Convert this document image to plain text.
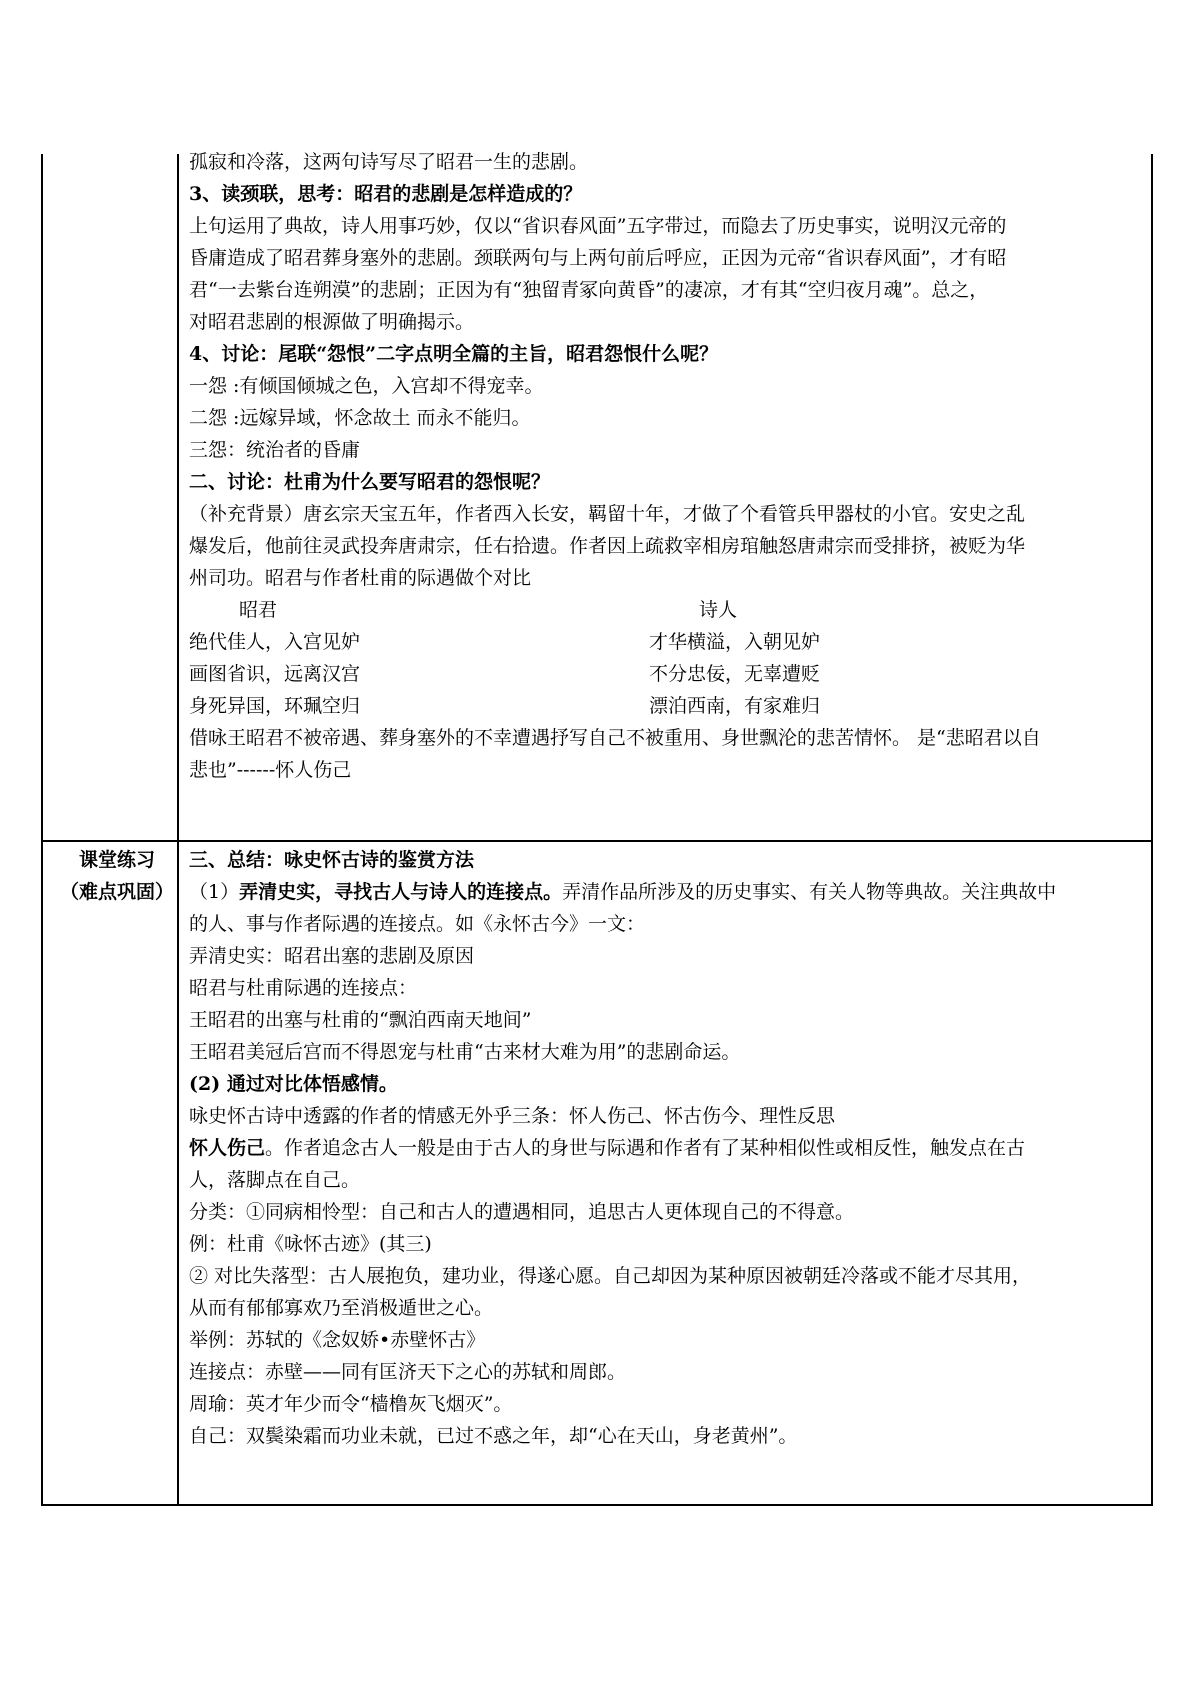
孤寂和冷落，这两句诗写尽了昭君一生的悲剧。
3、读颈联，思考：昭君的悲剧是怎样造成的？
上句运用了典故，诗人用事巧妙，仅以“省识春风面”五字带过，而隐去了历史事实，说明汉元帝的
昏庸造成了昭君葬身塞外的悲剧。颈联两句与上两句前后呼应，正因为元帝“省识春风面”，才有昭
君“一去紫台连朔漠”的悲剧；正因为有“独留青冢向黄昏”的凄凉，才有其“空归夜月魂”。总之，
对昭君悲剧的根源做了明确揭示。
4、讨论：尾联“怨恨”二字点明全篇的主旨，昭君怨恨什么呢？
一怨 :有倾国倾城之色，入宫却不得宠幸。
二怨 :远嫁异域，怀念故土 而永不能归。
三怨：统治者的昏庸
二、讨论：杜甫为什么要写昭君的怨恨呢？
（补充背景）唐玄宗天宝五年，作者西入长安，羁留十年，才做了个看管兵甲器杖的小官。安史之乱
爆发后，他前往灵武投奔唐肃宗，任右拾遗。作者因上疏救宰相房琯触怒唐肃宗而受排挤，被贬为华
州司功。昭君与作者杜甫的际遇做个对比
昭君	诗人
绝代佳人，入宫见妒	才华横溢，入朝见妒
画图省识，远离汉宫	不分忠佞，无辜遭贬
身死异国，环珮空归	漂泊西南，有家难归
借咏王昭君不被帝遇、葬身塞外的不幸遭遇抒写自己不被重用、身世飘沦的悲苦情怀。 是“悲昭君以自
悲也”------怀人伤己
课堂练习
（难点巩固）
三、总结：咏史怀古诗的鉴赏方法
（1）弄清史实，寻找古人与诗人的连接点。弄清作品所涉及的历史事实、有关人物等典故。关注典故中
的人、事与作者际遇的连接点。如《永怀古今》一文：
弄清史实：昭君出塞的悲剧及原因
昭君与杜甫际遇的连接点：
王昭君的出塞与杜甫的“飘泊西南天地间”
王昭君美冠后宫而不得恩宠与杜甫“古来材大难为用”的悲剧命运。
(2) 通过对比体悟感情。
咏史怀古诗中透露的作者的情感无外乎三条：怀人伤己、怀古伤今、理性反思
怀人伤己。作者追念古人一般是由于古人的身世与际遇和作者有了某种相似性或相反性，触发点在古
人，落脚点在自己。
分类：①同病相怜型：自己和古人的遭遇相同，追思古人更体现自己的不得意。
例：杜甫《咏怀古迹》(其三)
② 对比失落型：古人展抱负，建功业，得遂心愿。自己却因为某种原因被朝廷冷落或不能才尽其用，
从而有郁郁寡欢乃至消极遁世之心。
举例：苏轼的《念奴娇•赤壁怀古》
连接点：赤壁——同有匡济天下之心的苏轼和周郎。
周瑜：英才年少而令“樯橹灰飞烟灭”。
自己：双鬓染霜而功业未就，已过不惑之年，却“心在天山，身老黄州”。
